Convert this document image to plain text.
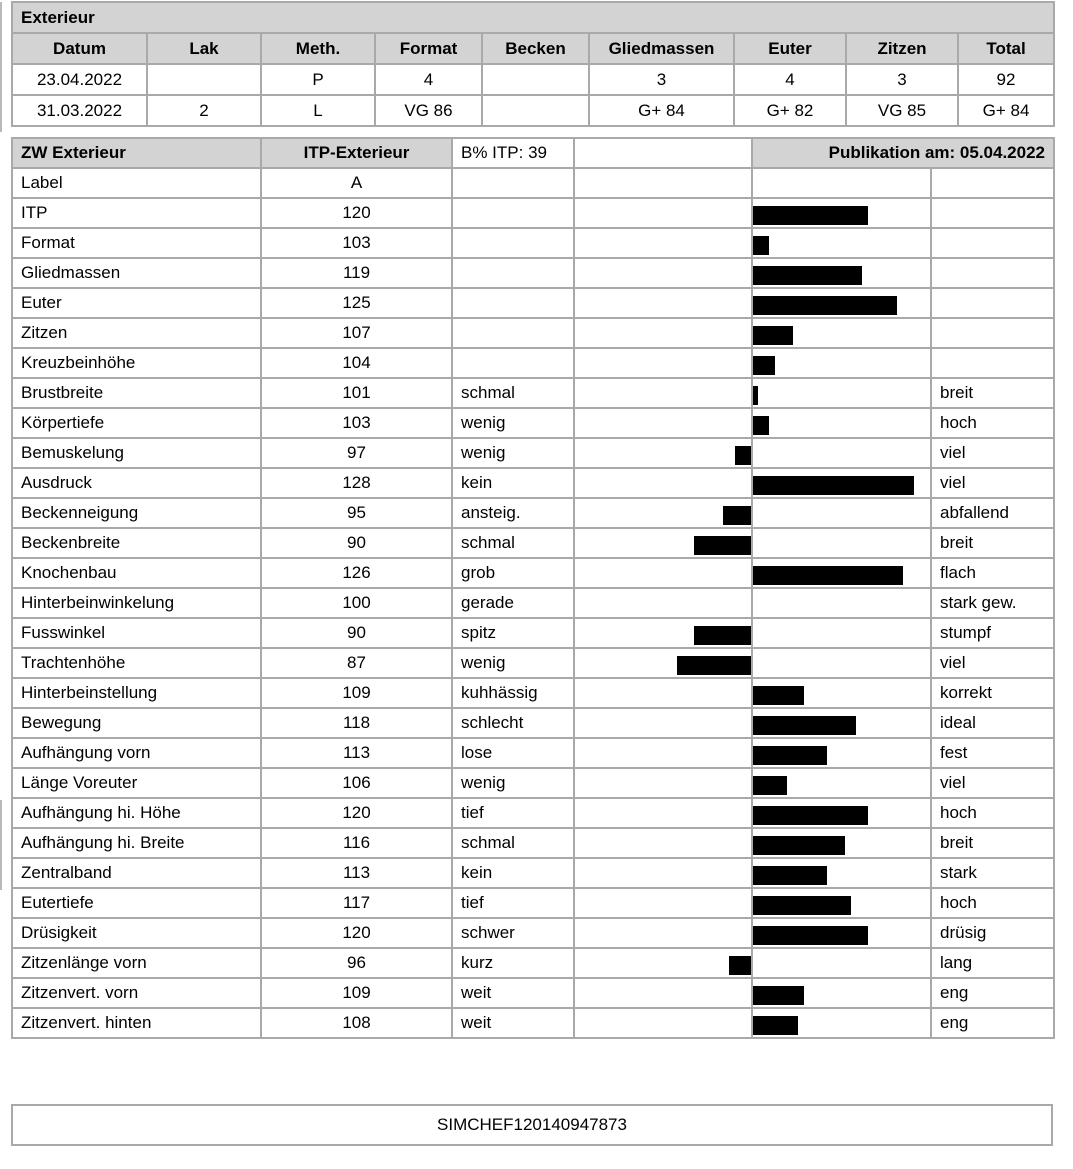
Exterieur								
Datum	Lak	Meth.	Format	Becken	Gliedmassen	Euter	Zitzen	Total
23.04.2022		P	4		3	4	3	92
31.03.2022	2	L	VG 86		G+ 84	G+ 82	VG 85	G+ 84
ZW Exterieur	ITP-Exterieur	B% ITP: 39		Publikation am: 05.04.2022	
Label	A				
ITP	120			

Format	103			

Gliedmassen	119			

Euter	125			

Zitzen	107			

Kreuzbeinhöhe	104			

Brustbreite	101	schmal			breit
Körpertiefe	103	wenig			hoch
Bemuskelung	97	wenig			viel
Ausdruck	128	kein			viel
Beckenneigung	95	ansteig.			abfallend
Beckenbreite	90	schmal			breit
Knochenbau	126	grob			flach
Hinterbeinwinkelung	100	gerade			stark gew.
Fusswinkel	90	spitz			stumpf
Trachtenhöhe	87	wenig			viel
Hinterbeinstellung	109	kuhhässig			korrekt
Bewegung	118	schlecht			ideal
Aufhängung vorn	113	lose			fest
Länge Voreuter	106	wenig			viel
Aufhängung hi. Höhe	120	tief			hoch
Aufhängung hi. Breite	116	schmal			breit
Zentralband	113	kein			stark
Eutertiefe	117	tief			hoch
Drüsigkeit	120	schwer			drüsig
Zitzenlänge vorn	96	kurz			lang
Zitzenvert. vorn	109	weit			eng
Zitzenvert. hinten	108	weit			eng
SIMCHEF120140947873
